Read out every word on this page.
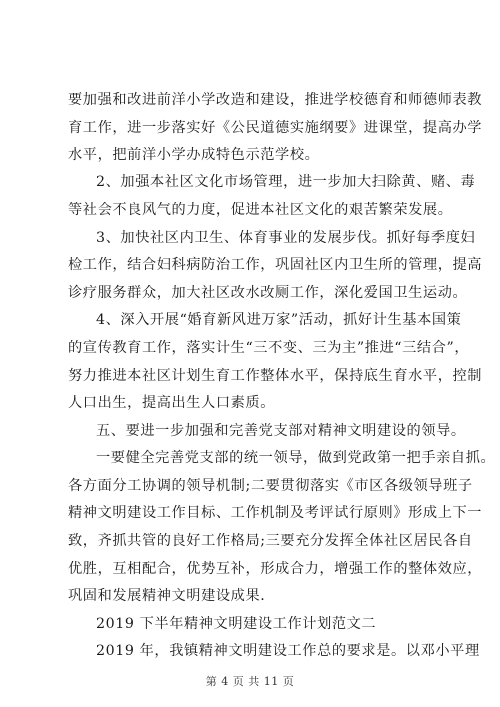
要加强和改进前洋小学改造和建设，推进学校德育和师德师表教
育工作，进一步落实好《公民道德实施纲要》进课堂，提高办学
水平，把前洋小学办成特色示范学校。
2、加强本社区文化市场管理，进一步加大扫除黄、赌、毒
等社会不良风气的力度，促进本社区文化的艰苦繁荣发展。
3、加快社区内卫生、体育事业的发展步伐。抓好每季度妇
检工作，结合妇科病防治工作，巩固社区内卫生所的管理，提高
诊疗服务群众，加大社区改水改厕工作，深化爱国卫生运动。
4、深入开展“婚育新风进万家”活动，抓好计生基本国策
的宣传教育工作，落实计生“三不变、三为主”推进“三结合”，
努力推进本社区计划生育工作整体水平，保持底生育水平，控制
人口出生，提高出生人口素质。
五、要进一步加强和完善党支部对精神文明建设的领导。
一要健全完善党支部的统一领导，做到党政第一把手亲自抓。
各方面分工协调的领导机制;二要贯彻落实《市区各级领导班子
精神文明建设工作目标、工作机制及考评试行原则》形成上下一
致，齐抓共管的良好工作格局;三要充分发挥全体社区居民各自
优胜，互相配合，优势互补，形成合力，增强工作的整体效应，
巩固和发展精神文明建设成果.
2019 下半年精神文明建设工作计划范文二
2019 年，我镇精神文明建设工作总的要求是。以邓小平理
第 4 页 共 11 页
